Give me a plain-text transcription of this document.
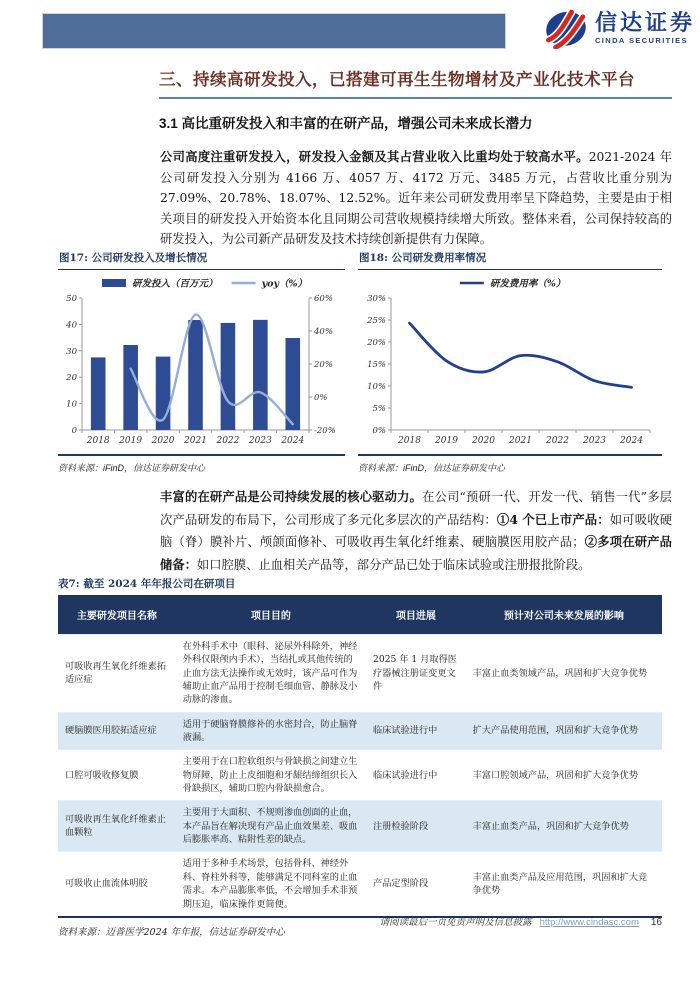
信达证券
CINDA SECURITIES
三、持续高研发投入，已搭建可再生生物增材及产业化技术平台
3.1 高比重研发投入和丰富的在研产品，增强公司未来成长潜力

公司高度注重研发投入，研发投入金额及其占营业收入比重均处于较高水平。2021-2024 年公司研发投入分别为 4166 万、4057 万、4172 万元、3485 万元，占营收比重分别为 27.09%、20.78%、18.07%、12.52%。近年来公司研发费用率呈下降趋势，主要是由于相关项目的研发投入开始资本化且同期公司营收规模持续增大所致。整体来看，公司保持较高的研发投入，为公司新产品研发及技术持续创新提供有力保障。

图17: 公司研发投入及增长情况
0
10
20
30
40
50
-20%
0%
20%
40%
60%
2018 2019 2020 2021 2022 2023 2024
研发投入（百万元）	yoy（%）
资料来源：iFinD，信达证券研发中心
图18: 公司研发费用率情况
0%
5%
10%
15%
20%
25%
30%
2018 2019 2020 2021 2022 2023 2024
研发费用率（%）
资料来源：iFinD，信达证券研发中心

丰富的在研产品是公司持续发展的核心驱动力。在公司“预研一代、开发一代、销售一代”多层次产品研发的布局下，公司形成了多元化多层次的产品结构：①4 个已上市产品：如可吸收硬脑（脊）膜补片、颅颌面修补、可吸收再生氧化纤维素、硬脑膜医用胶产品；②多项在研产品储备：如口腔膜、止血相关产品等，部分产品已处于临床试验或注册报批阶段。

表7: 截至 2024 年年报公司在研项目
主要研发项目名称	项目目的	项目进展	预计对公司未来发展的影响
可吸收再生氧化纤维素拓适应症	在外科手术中（眼科、泌尿外科除外，神经外科仅限颅内手术），当结扎或其他传统的止血方法无法操作或无效时，该产品可作为辅助止血产品用于控制毛细血管、静脉及小动脉的渗血。	2025 年 1 月取得医疗器械注册证变更文件	丰富止血类领域产品，巩固和扩大竞争优势
硬脑膜医用胶拓适应症	适用于硬脑脊膜修补的水密封合，防止脑脊液漏。	临床试验进行中	扩大产品使用范围，巩固和扩大竞争优势
口腔可吸收修复膜	主要用于在口腔软组织与骨缺损之间建立生物屏障，防止上皮细胞和牙龈结缔组织长入骨缺损区，辅助口腔内骨缺损愈合。	临床试验进行中	丰富口腔领域产品，巩固和扩大竞争优势
可吸收再生氧化纤维素止血颗粒	主要用于大面积、不规则渗血创面的止血，本产品旨在解决现有产品止血效果差、吸血后膨胀率高、粘附性差的缺点。	注册检验阶段	丰富止血类产品，巩固和扩大竞争优势
可吸收止血流体明胶	适用于多种手术场景，包括骨科、神经外科、脊柱外科等，能够满足不同科室的止血需求。本产品膨胀率低，不会增加手术非预期压迫，临床操作更简便。	产品定型阶段	丰富止血类产品及应用范围，巩固和扩大竞争优势
资料来源：迈普医学2024 年年报，信达证券研发中心
请阅读最后一页免责声明及信息披露 http://www.cindasc.com 16
